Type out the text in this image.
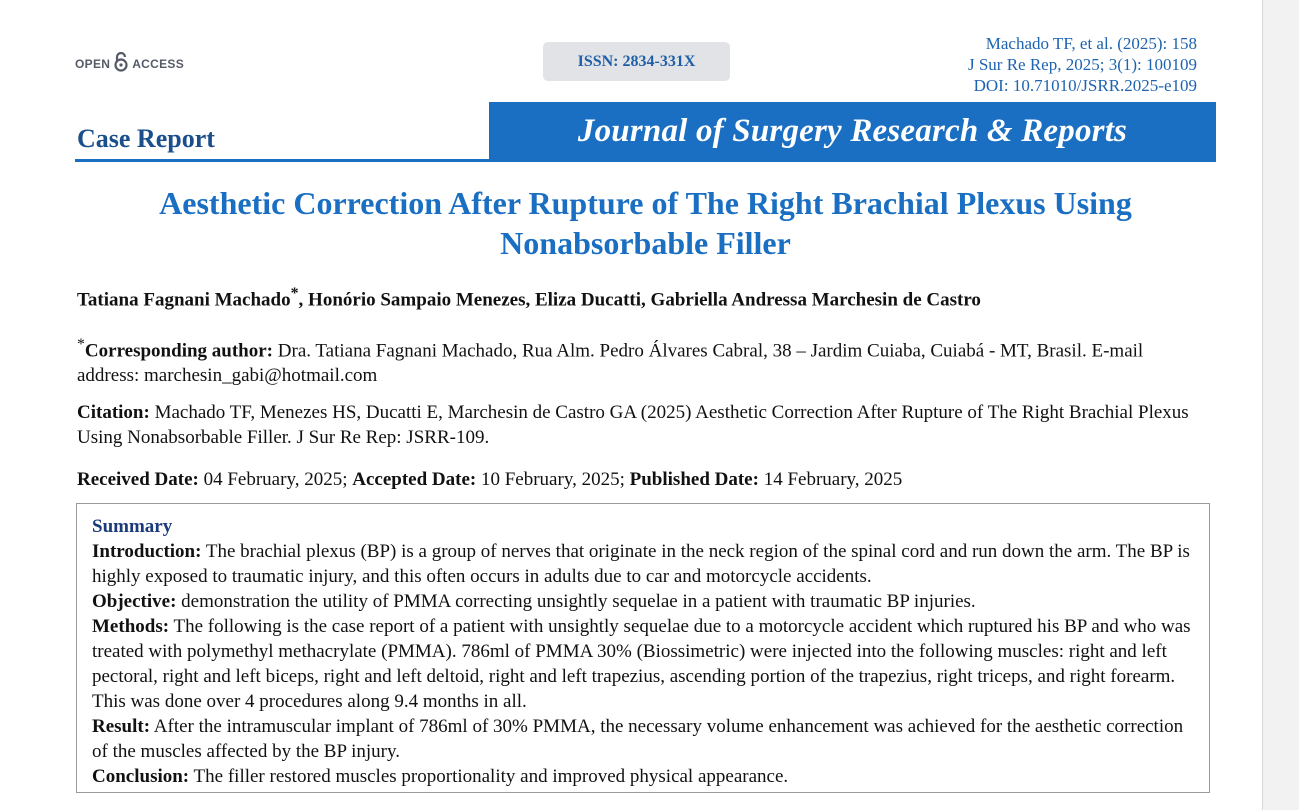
OPEN ACCESS	ISSN: 2834-331X
Machado TF, et al. (2025): 158
J Sur Re Rep, 2025; 3(1): 100109
DOI: 10.71010/JSRR.2025-e109
Case Report	Journal of Surgery Research & Reports
Aesthetic Correction After Rupture of The Right Brachial Plexus Using Nonabsorbable Filler
Tatiana Fagnani Machado*, Honório Sampaio Menezes, Eliza Ducatti, Gabriella Andressa Marchesin de Castro
*Corresponding author: Dra. Tatiana Fagnani Machado, Rua Alm. Pedro Álvares Cabral, 38 – Jardim Cuiaba, Cuiabá - MT, Brasil. E-mail address: marchesin_gabi@hotmail.com
Citation: Machado TF, Menezes HS, Ducatti E, Marchesin de Castro GA (2025) Aesthetic Correction After Rupture of The Right Brachial Plexus Using Nonabsorbable Filler. J Sur Re Rep: JSRR-109.
Received Date: 04 February, 2025; Accepted Date: 10 February, 2025; Published Date: 14 February, 2025
Summary
Introduction: The brachial plexus (BP) is a group of nerves that originate in the neck region of the spinal cord and run down the arm. The BP is highly exposed to traumatic injury, and this often occurs in adults due to car and motorcycle accidents.
Objective: demonstration the utility of PMMA correcting unsightly sequelae in a patient with traumatic BP injuries.
Methods: The following is the case report of a patient with unsightly sequelae due to a motorcycle accident which ruptured his BP and who was treated with polymethyl methacrylate (PMMA). 786ml of PMMA 30% (Biossimetric) were injected into the following muscles: right and left pectoral, right and left biceps, right and left deltoid, right and left trapezius, ascending portion of the trapezius, right triceps, and right forearm. This was done over 4 procedures along 9.4 months in all.
Result: After the intramuscular implant of 786ml of 30% PMMA, the necessary volume enhancement was achieved for the aesthetic correction of the muscles affected by the BP injury.
Conclusion: The filler restored muscles proportionality and improved physical appearance.
